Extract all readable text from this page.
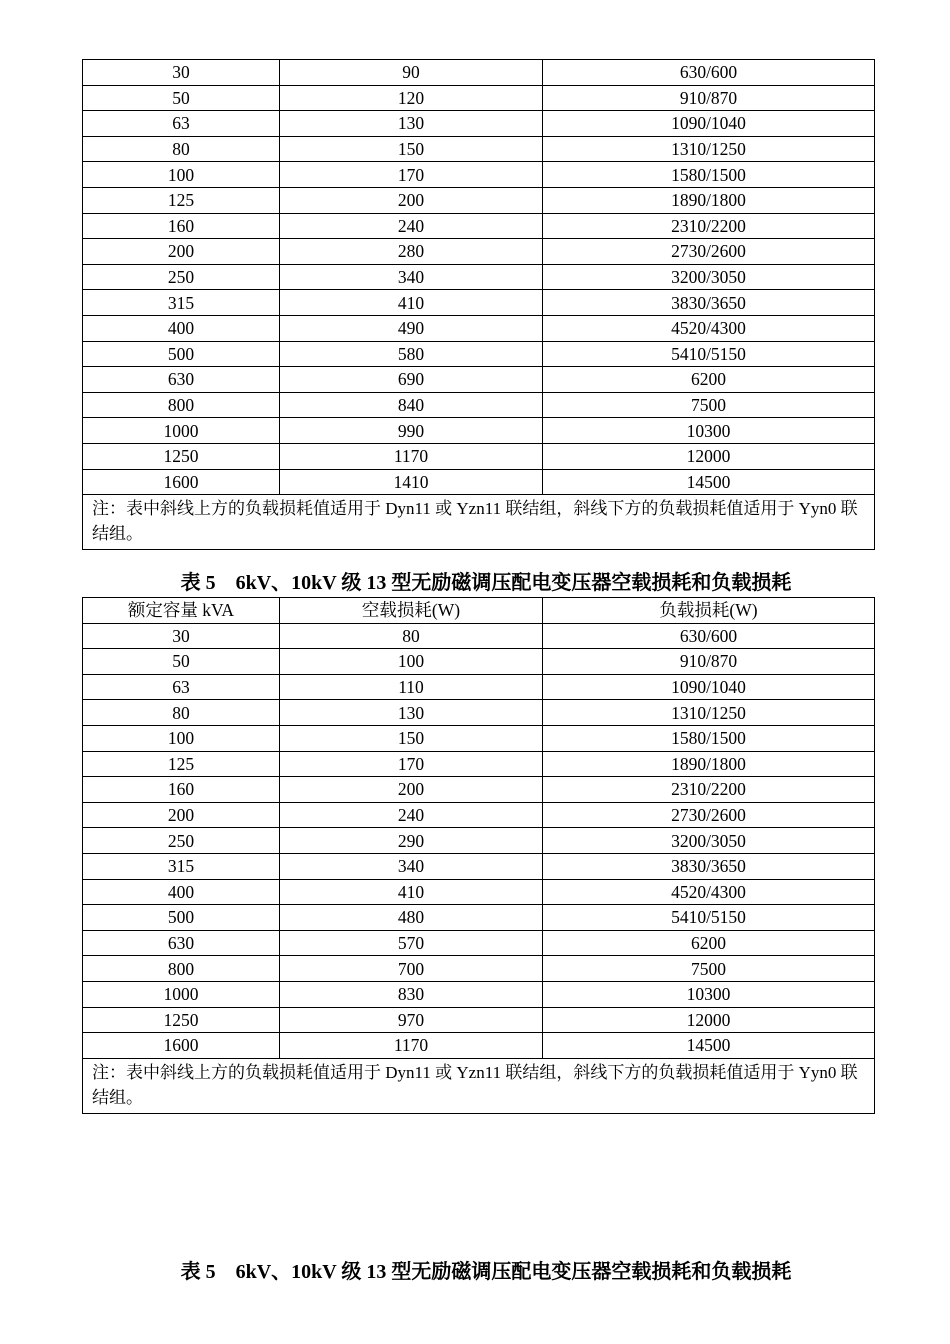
30	90	630/600
50	120	910/870
63	130	1090/1040
80	150	1310/1250
100	170	1580/1500
125	200	1890/1800
160	240	2310/2200
200	280	2730/2600
250	340	3200/3050
315	410	3830/3650
400	490	4520/4300
500	580	5410/5150
630	690	6200
800	840	7500
1000	990	10300
1250	1170	12000
1600	1410	14500
注：表中斜线上方的负载损耗值适用于 Dyn11 或 Yzn11 联结组，斜线下方的负载损耗值适用于 Yyn0 联结组。		
表 5　6kV、10kV 级 13 型无励磁调压配电变压器空载损耗和负载损耗
额定容量 kVA	空载损耗(W)	负载损耗(W)
30	80	630/600
50	100	910/870
63	110	1090/1040
80	130	1310/1250
100	150	1580/1500
125	170	1890/1800
160	200	2310/2200
200	240	2730/2600
250	290	3200/3050
315	340	3830/3650
400	410	4520/4300
500	480	5410/5150
630	570	6200
800	700	7500
1000	830	10300
1250	970	12000
1600	1170	14500
注：表中斜线上方的负载损耗值适用于 Dyn11 或 Yzn11 联结组，斜线下方的负载损耗值适用于 Yyn0 联结组。		
表 5　6kV、10kV 级 13 型无励磁调压配电变压器空载损耗和负载损耗
